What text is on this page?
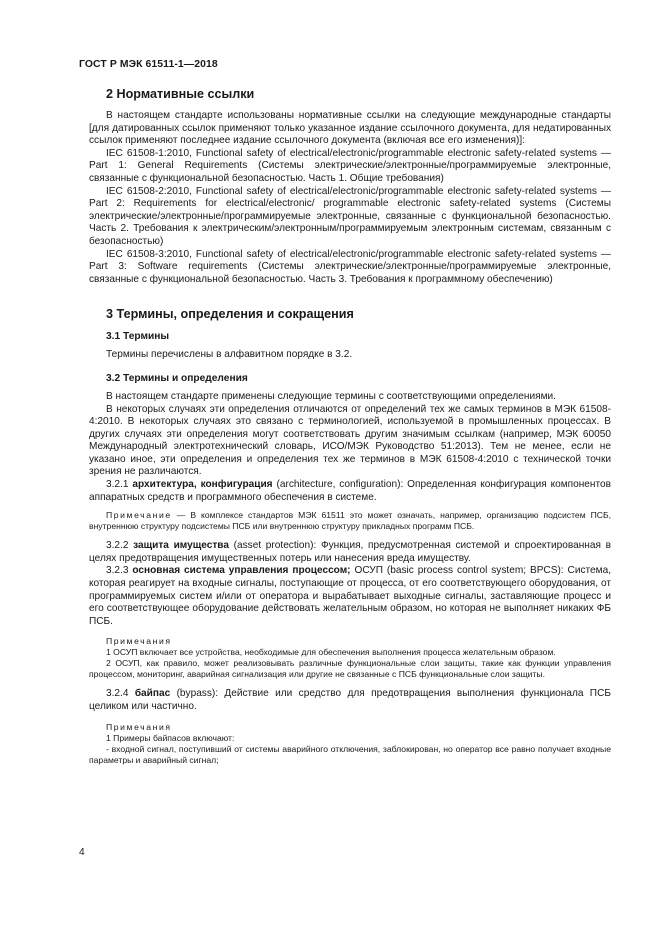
ГОСТ Р МЭК 61511-1—2018
2 Нормативные ссылки

В настоящем стандарте использованы нормативные ссылки на следующие международные стандарты [для датированных ссылок применяют только указанное издание ссылочного документа, для недатированных ссылок применяют последнее издание ссылочного документа (включая все его изменения)]:

IEC 61508-1:2010, Functional safety of electrical/electronic/programmable electronic safety-related systems — Part 1: General Requirements (Системы электрические/электронные/программируемые электронные, связанные с функциональной безопасностью. Часть 1. Общие требования)

IEC 61508-2:2010, Functional safety of electrical/electronic/programmable electronic safety-related systems — Part 2: Requirements for electrical/electronic/ programmable electronic safety-related systems (Системы электрические/электронные/программируемые электронные, связанные с функциональной безопасностью. Часть 2. Требования к электрическим/электронным/программируемым электронным системам, связанным с безопасностью)

IEC 61508-3:2010, Functional safety of electrical/electronic/programmable electronic safety-related systems — Part 3: Software requirements (Системы электрические/электронные/программируемые электронные, связанные с функциональной безопасностью. Часть 3. Требования к программному обеспечению)

3 Термины, определения и сокращения
3.1 Термины

Термины перечислены в алфавитном порядке в 3.2.

3.2 Термины и определения

В настоящем стандарте применены следующие термины с соответствующими определениями.

В некоторых случаях эти определения отличаются от определений тех же самых терминов в МЭК 61508-4:2010. В некоторых случаях это связано с терминологией, используемой в промышленных процессах. В других случаях эти определения могут соответствовать другим значимым ссылкам (например, МЭК 60050 Международный электротехнический словарь, ИСО/МЭК Руководство 51:2013). Тем не менее, если не указано иное, эти определения и определения тех же терминов в МЭК 61508-4:2010 с технической точки зрения не различаются.

3.2.1 архитектура, конфигурация (architecture, configuration): Определенная конфигурация компонентов аппаратных средств и программного обеспечения в системе.

Примечание — В комплексе стандартов МЭК 61511 это может означать, например, организацию подсистем ПСБ, внутреннюю структуру подсистемы ПСБ или внутреннюю структуру прикладных программ ПСБ.

3.2.2 защита имущества (asset protection): Функция, предусмотренная системой и спроектированная в целях предотвращения имущественных потерь или нанесения вреда имуществу.

3.2.3 основная система управления процессом; ОСУП (basic process control system; BPCS): Система, которая реагирует на входные сигналы, поступающие от процесса, от его соответствующего оборудования, от программируемых систем и/или от оператора и вырабатывает выходные сигналы, заставляющие процесс и его соответствующее оборудование действовать желательным образом, но которая не выполняет никаких ФБ ПСБ.

Примечания
1 ОСУП включает все устройства, необходимые для обеспечения выполнения процесса желательным образом.
2 ОСУП, как правило, может реализовывать различные функциональные слои защиты, такие как функции управления процессом, мониторинг, аварийная сигнализация или другие не связанные с ПСБ функциональные слои защиты.

3.2.4 байпас (bypass): Действие или средство для предотвращения выполнения функционала ПСБ целиком или частично.

Примечания
1 Примеры байпасов включают:
- входной сигнал, поступивший от системы аварийного отключения, заблокирован, но оператор все равно получает входные параметры и аварийный сигнал;
4
